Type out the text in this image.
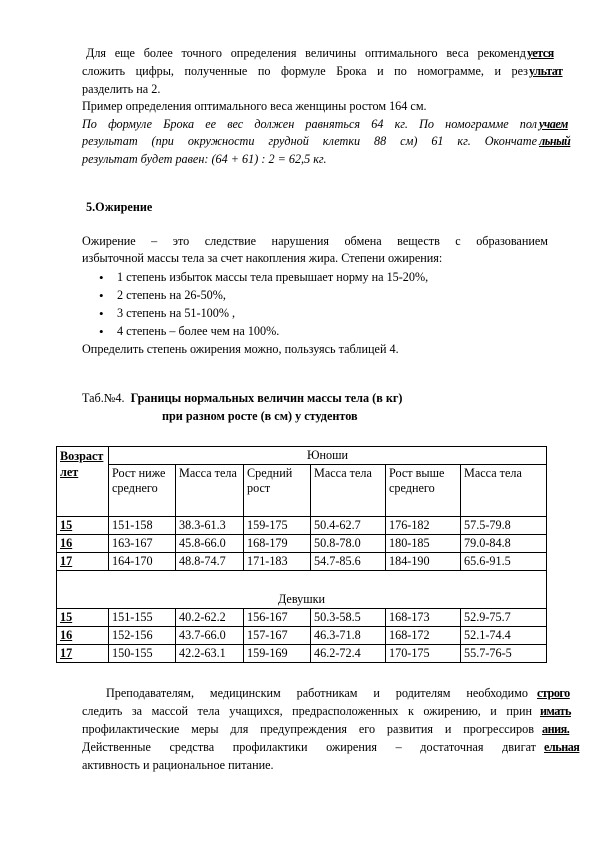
Для еще более точного определения величины оптимального веса рекоменд

сложить цифры, полученные по формуле Брока и по номограмме, и рез

разделить на 2.

Пример определения оптимального веса женщины ростом 164 см.

По формуле Брока ее вес должен равняться 64 кг. По номограмме пол

результат (при окружности грудной клетки 88 см) 61 кг. Окончате

результат будет равен: (64 + 61) : 2 = 62,5 кг.

уется
ультат
учаем
льный

5.Ожирение

Ожирение – это следствие нарушения обмена веществ с образованием

избыточной массы тела за счет накопления жира. Степени ожирения:

• 1 степень избыток массы тела превышает норму на 15-20%,
• 2 степень на 26-50%,
• 3 степень на 51-100% ,
• 4 степень – более чем на 100%.

Определить степень ожирения можно, пользуясь таблицей 4.

Таб.№4. Границы нормальных величин массы тела (в кг)

при разном росте (в см) у студентов

Возраст лет	Юноши					
	Рост ниже среднего	Масса тела	Средний рост	Масса тела	Рост выше среднего	Масса тела
15	151-158	38.3-61.3	159-175	50.4-62.7	176-182	57.5-79.8
16	163-167	45.8-66.0	168-179	50.8-78.0	180-185	79.0-84.8
17	164-170	48.8-74.7	171-183	54.7-85.6	184-190	65.6-91.5
Девушки						
15	151-155	40.2-62.2	156-167	50.3-58.5	168-173	52.9-75.7
16	152-156	43.7-66.0	157-167	46.3-71.8	168-172	52.1-74.4
17	150-155	42.2-63.1	159-169	46.2-72.4	170-175	55.7-76-5

Преподавателям, медицинским работникам и родителям необходимо

следить за массой тела учащихся, предрасположенных к ожирению, и прин

профилактические меры для предупреждения его развития и прогрессиров

Действенные средства профилактики ожирения – достаточная двигат

активность и рациональное питание.

строго
имать
ания.
ельная
